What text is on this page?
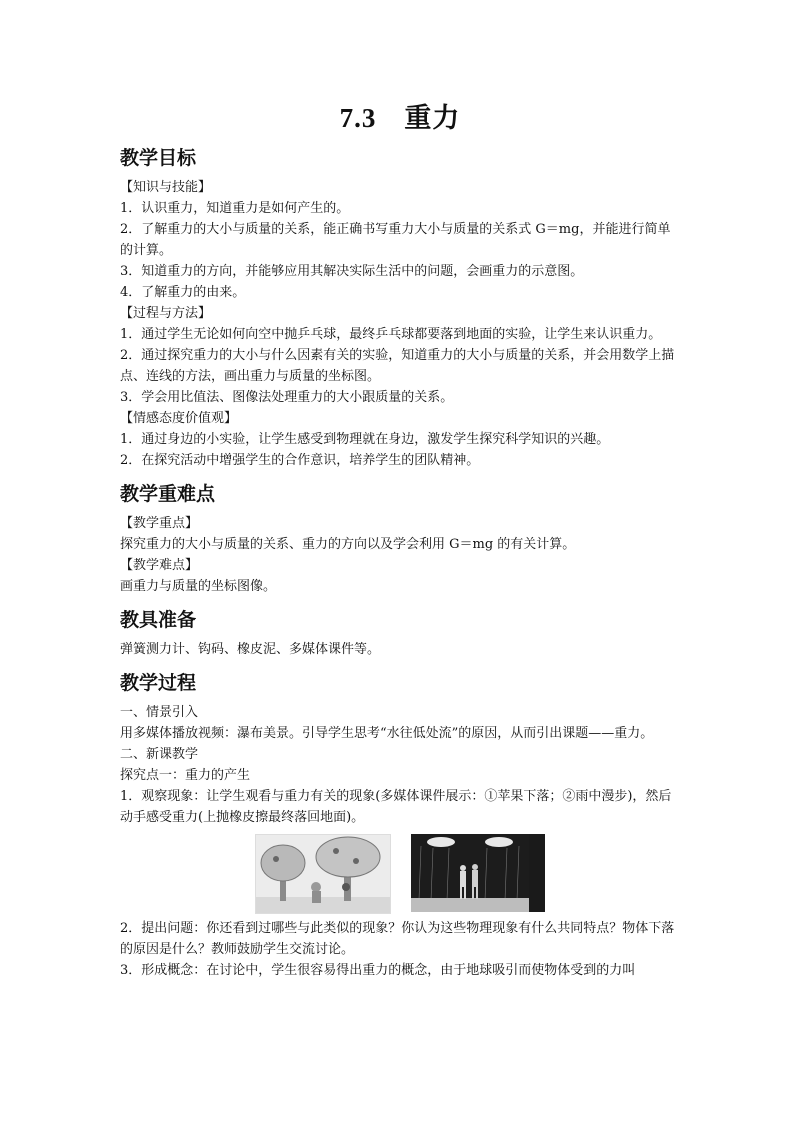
7.3 重力
教学目标

【知识与技能】

1．认识重力，知道重力是如何产生的。

2．了解重力的大小与质量的关系，能正确书写重力大小与质量的关系式 G＝mg，并能进行简单的计算。

3．知道重力的方向，并能够应用其解决实际生活中的问题，会画重力的示意图。

4．了解重力的由来。

【过程与方法】

1．通过学生无论如何向空中抛乒乓球，最终乒乓球都要落到地面的实验，让学生来认识重力。

2．通过探究重力的大小与什么因素有关的实验，知道重力的大小与质量的关系，并会用数学上描点、连线的方法，画出重力与质量的坐标图。

3．学会用比值法、图像法处理重力的大小跟质量的关系。

【情感态度价值观】

1．通过身边的小实验，让学生感受到物理就在身边，激发学生探究科学知识的兴趣。

2．在探究活动中增强学生的合作意识，培养学生的团队精神。

教学重难点

【教学重点】

探究重力的大小与质量的关系、重力的方向以及学会利用 G＝mg 的有关计算。

【教学难点】

画重力与质量的坐标图像。

教具准备

弹簧测力计、钩码、橡皮泥、多媒体课件等。

教学过程

一、情景引入

用多媒体播放视频：瀑布美景。引导学生思考“水往低处流”的原因，从而引出课题——重力。

二、新课教学

探究点一：重力的产生

1．观察现象：让学生观看与重力有关的现象(多媒体课件展示：①苹果下落；②雨中漫步)，然后动手感受重力(上抛橡皮擦最终落回地面)。

2．提出问题：你还看到过哪些与此类似的现象？你认为这些物理现象有什么共同特点？物体下落的原因是什么？教师鼓励学生交流讨论。

3．形成概念：在讨论中，学生很容易得出重力的概念，由于地球吸引而使物体受到的力叫
